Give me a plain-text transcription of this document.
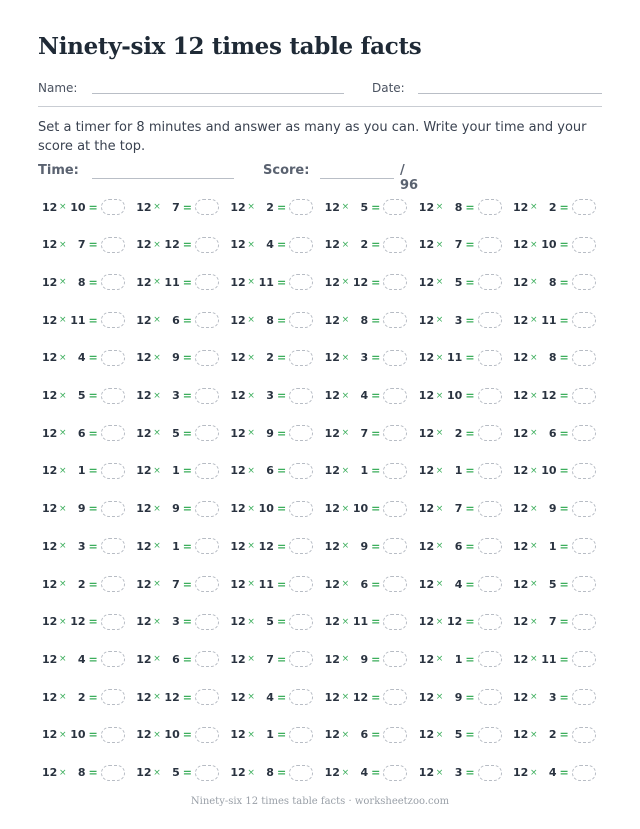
Ninety-six 12 times table facts
Name:	Date:
Set a timer for 8 minutes and answer as many as you can. Write your time and your score at the top.
Time:	Score:	/ 96
12 × 10 =	12 ×	7 =	12 ×	2 =	12 ×	5 =	12 ×	8 =	12 ×	2 =
12 ×	7 =	12 × 12 =	12 ×	4 =	12 ×	2 =	12 ×	7 =	12 × 10 =
12 ×	8 =	12 × 11 =	12 × 11 =	12 × 12 =	12 ×	5 =	12 ×	8 =
12 × 11 =	12 ×	6 =	12 ×	8 =	12 ×	8 =	12 ×	3 =	12 × 11 =
12 ×	4 =	12 ×	9 =	12 ×	2 =	12 ×	3 =	12 × 11 =	12 ×	8 =
12 ×	5 =	12 ×	3 =	12 ×	3 =	12 ×	4 =	12 × 10 =	12 × 12 =
12 ×	6 =	12 ×	5 =	12 ×	9 =	12 ×	7 =	12 ×	2 =	12 ×	6 =
12 ×	1 =	12 ×	1 =	12 ×	6 =	12 ×	1 =	12 ×	1 =	12 × 10 =
12 ×	9 =	12 ×	9 =	12 × 10 =	12 × 10 =	12 ×	7 =	12 ×	9 =
12 ×	3 =	12 ×	1 =	12 × 12 =	12 ×	9 =	12 ×	6 =	12 ×	1 =
12 ×	2 =	12 ×	7 =	12 × 11 =	12 ×	6 =	12 ×	4 =	12 ×	5 =
12 × 12 =	12 ×	3 =	12 ×	5 =	12 × 11 =	12 × 12 =	12 ×	7 =
12 ×	4 =	12 ×	6 =	12 ×	7 =	12 ×	9 =	12 ×	1 =	12 × 11 =
12 ×	2 =	12 × 12 =	12 ×	4 =	12 × 12 =	12 ×	9 =	12 ×	3 =
12 × 10 =	12 × 10 =	12 ×	1 =	12 ×	6 =	12 ×	5 =	12 ×	2 =
12 ×	8 =	12 ×	5 =	12 ×	8 =	12 ×	4 =	12 ×	3 =	12 ×	4 =
Ninety-six 12 times table facts · worksheetzoo.com
